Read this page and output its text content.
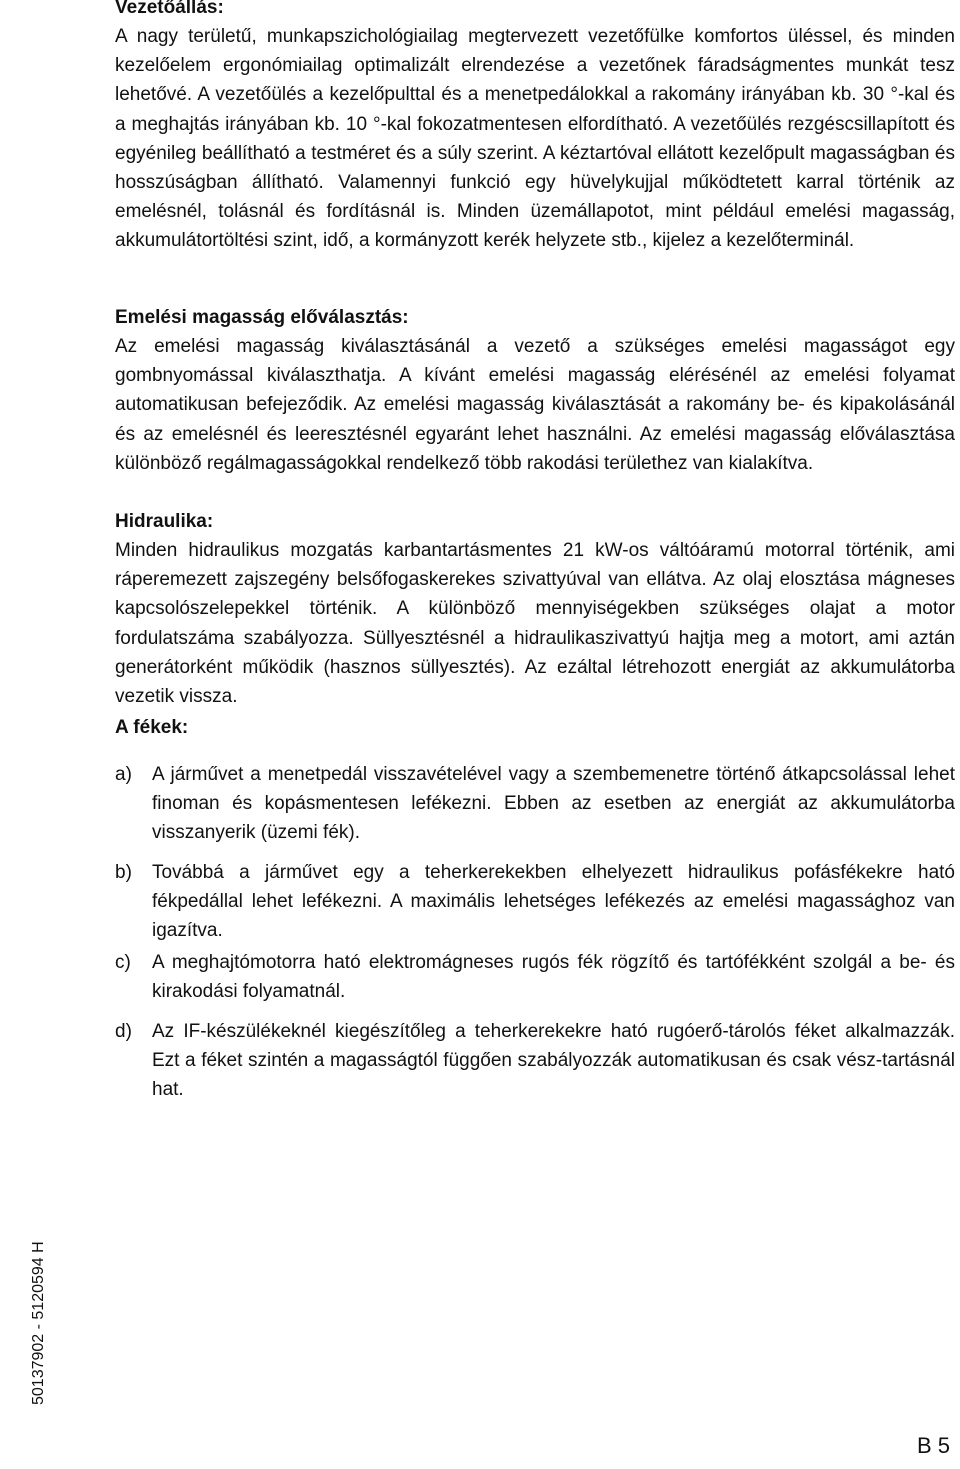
Vezetőállás:

A nagy területű, munkapszichológiailag megtervezett vezetőfülke komfortos üléssel, és minden kezelőelem ergonómiailag optimalizált elrendezése a vezetőnek fáradságmentes munkát tesz lehetővé. A vezetőülés a kezelőpulttal és a menetpedálokkal a rakomány irányában kb. 30 °-kal és a meghajtás irányában kb. 10 °-kal fokozatmentesen elfordítható. A vezetőülés rezgéscsillapított és egyénileg beállítható a testméret és a súly szerint. A kéztartóval ellátott kezelőpult magasságban és hosszúságban állítható. Valamennyi funkció egy hüvelykujjal működtetett karral történik az emelésnél, tolásnál és fordításnál is. Minden üzemállapotot, mint például emelési magasság, akkumulátortöltési szint, idő, a kormányzott kerék helyzete stb., kijelez a kezelőterminál.

Emelési magasság előválasztás:

Az emelési magasság kiválasztásánál a vezető a szükséges emelési magasságot egy gombnyomással kiválaszthatja. A kívánt emelési magasság elérésénél az emelési folyamat automatikusan befejeződik. Az emelési magasság kiválasztását a rakomány be- és kipakolásánál és az emelésnél és leeresztésnél egyaránt lehet használni. Az emelési magasság előválasztása különböző regálmagasságokkal rendelkező több rakodási területhez van kialakítva.

Hidraulika:

Minden hidraulikus mozgatás karbantartásmentes 21 kW-os váltóáramú motorral történik, ami ráperemezett zajszegény belsőfogaskerekes szivattyúval van ellátva. Az olaj elosztása mágneses kapcsolószelepekkel történik. A különböző mennyiségekben szükséges olajat a motor fordulatszáma szabályozza. Süllyesztésnél a hidraulikaszivattyú hajtja meg a motort, ami aztán generátorként működik (hasznos süllyesztés). Az ezáltal létrehozott energiát az akkumulátorba vezetik vissza.

A fékek:

a) A járművet a menetpedál visszavételével vagy a szembemenetre történő átkapcsolással lehet finoman és kopásmentesen lefékezni. Ebben az esetben az energiát az akkumulátorba visszanyerik (üzemi fék).
b) Továbbá a járművet egy a teherkerekekben elhelyezett hidraulikus pofásfékekre ható fékpedállal lehet lefékezni. A maximális lehetséges lefékezés az emelési magassághoz van igazítva.
c) A meghajtómotorra ható elektromágneses rugós fék rögzítő és tartófékként szolgál a be- és kirakodási folyamatnál.
d) Az IF-készülékeknél kiegészítőleg a teherkerekekre ható rugóerő-tárolós féket alkalmazzák. Ezt a féket szintén a magasságtól függően szabályozzák automatikusan és csak vész-tartásnál hat.
50137902 - 5120594 H
B 5
